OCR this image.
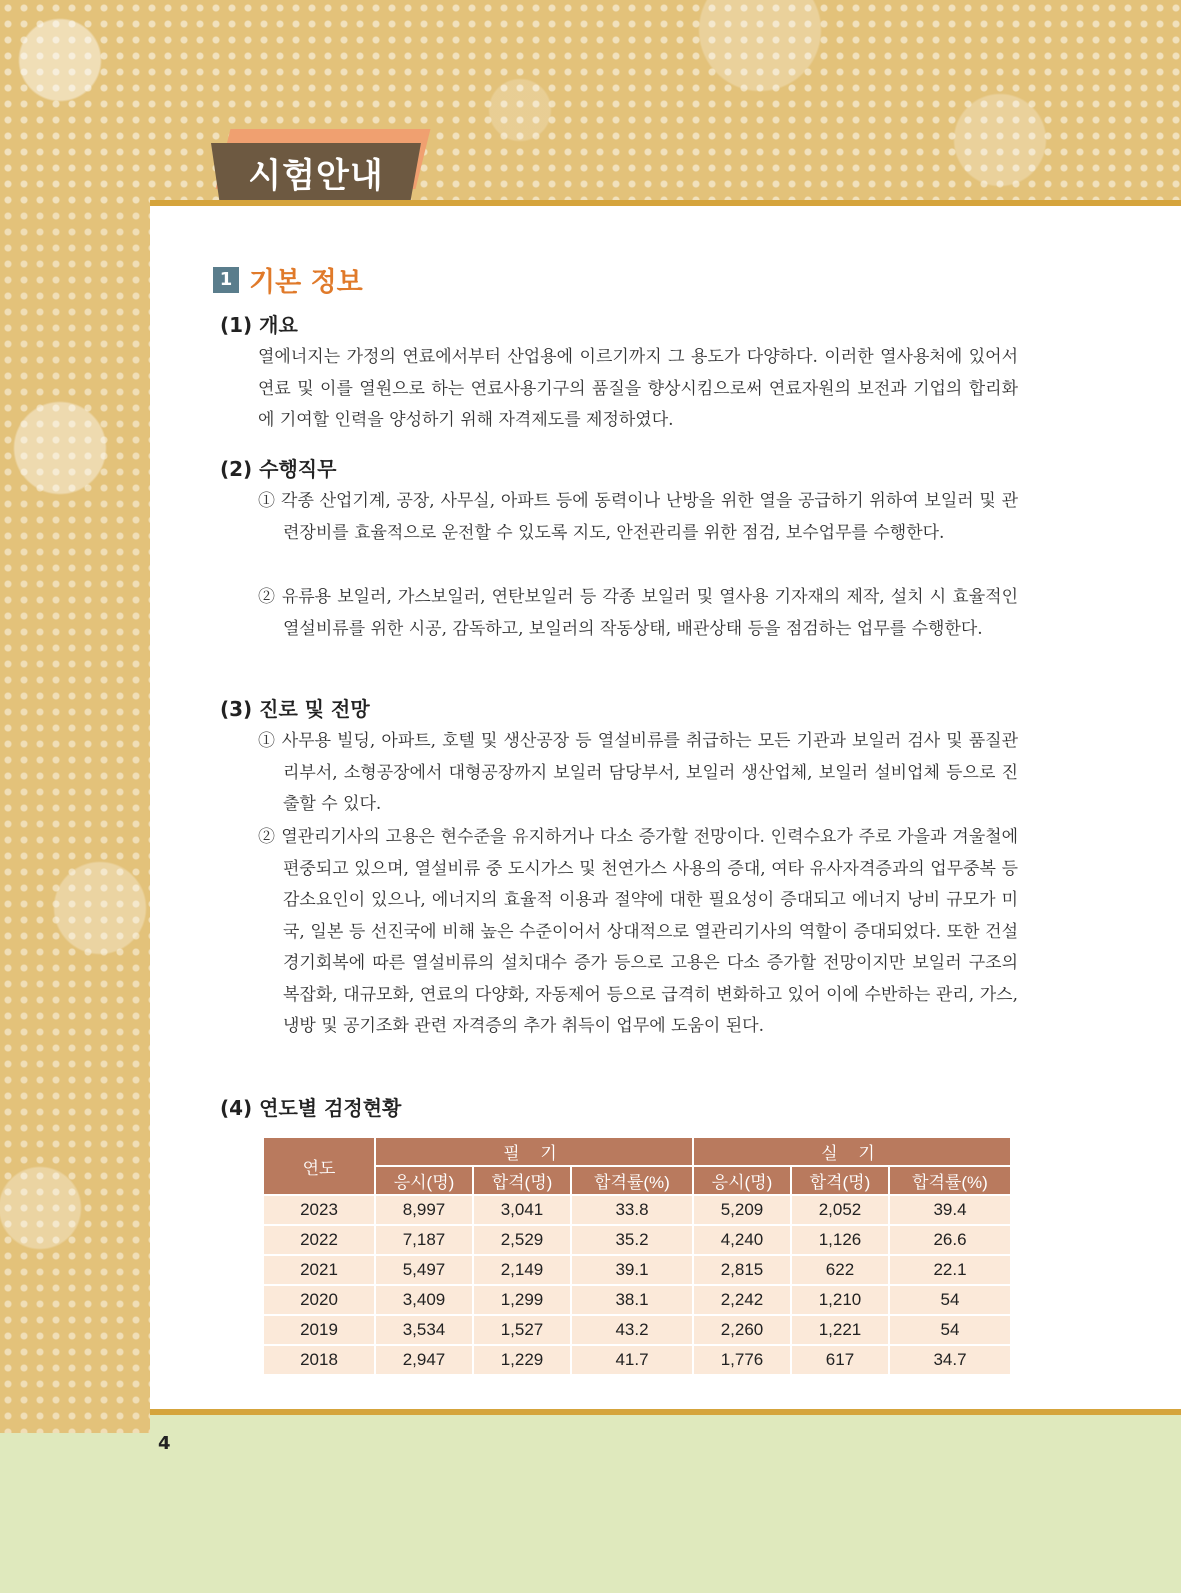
시험안내
1 기본 정보
(1) 개요

열에너지는 가정의 연료에서부터 산업용에 이르기까지 그 용도가 다양하다. 이러한 열사용처에 있어서 연료 및 이를 열원으로 하는 연료사용기구의 품질을 향상시킴으로써 연료자원의 보전과 기업의 합리화에 기여할 인력을 양성하기 위해 자격제도를 제정하였다.

(2) 수행직무

① 각종 산업기계, 공장, 사무실, 아파트 등에 동력이나 난방을 위한 열을 공급하기 위하여 보일러 및 관련장비를 효율적으로 운전할 수 있도록 지도, 안전관리를 위한 점검, 보수업무를 수행한다.

② 유류용 보일러, 가스보일러, 연탄보일러 등 각종 보일러 및 열사용 기자재의 제작, 설치 시 효율적인 열설비류를 위한 시공, 감독하고, 보일러의 작동상태, 배관상태 등을 점검하는 업무를 수행한다.

(3) 진로 및 전망

① 사무용 빌딩, 아파트, 호텔 및 생산공장 등 열설비류를 취급하는 모든 기관과 보일러 검사 및 품질관리부서, 소형공장에서 대형공장까지 보일러 담당부서, 보일러 생산업체, 보일러 설비업체 등으로 진출할 수 있다.

② 열관리기사의 고용은 현수준을 유지하거나 다소 증가할 전망이다. 인력수요가 주로 가을과 겨울철에 편중되고 있으며, 열설비류 중 도시가스 및 천연가스 사용의 증대, 여타 유사자격증과의 업무중복 등 감소요인이 있으나, 에너지의 효율적 이용과 절약에 대한 필요성이 증대되고 에너지 낭비 규모가 미국, 일본 등 선진국에 비해 높은 수준이어서 상대적으로 열관리기사의 역할이 증대되었다. 또한 건설경기회복에 따른 열설비류의 설치대수 증가 등으로 고용은 다소 증가할 전망이지만 보일러 구조의 복잡화, 대규모화, 연료의 다양화, 자동제어 등으로 급격히 변화하고 있어 이에 수반하는 관리, 가스, 냉방 및 공기조화 관련 자격증의 추가 취득이 업무에 도움이 된다.

(4) 연도별 검정현황
연도	필 기			실 기		
	응시(명)	합격(명)	합격률(%)	응시(명)	합격(명)	합격률(%)
2023	8,997	3,041	33.8	5,209	2,052	39.4
2022	7,187	2,529	35.2	4,240	1,126	26.6
2021	5,497	2,149	39.1	2,815	622	22.1
2020	3,409	1,299	38.1	2,242	1,210	54
2019	3,534	1,527	43.2	2,260	1,221	54
2018	2,947	1,229	41.7	1,776	617	34.7
4
